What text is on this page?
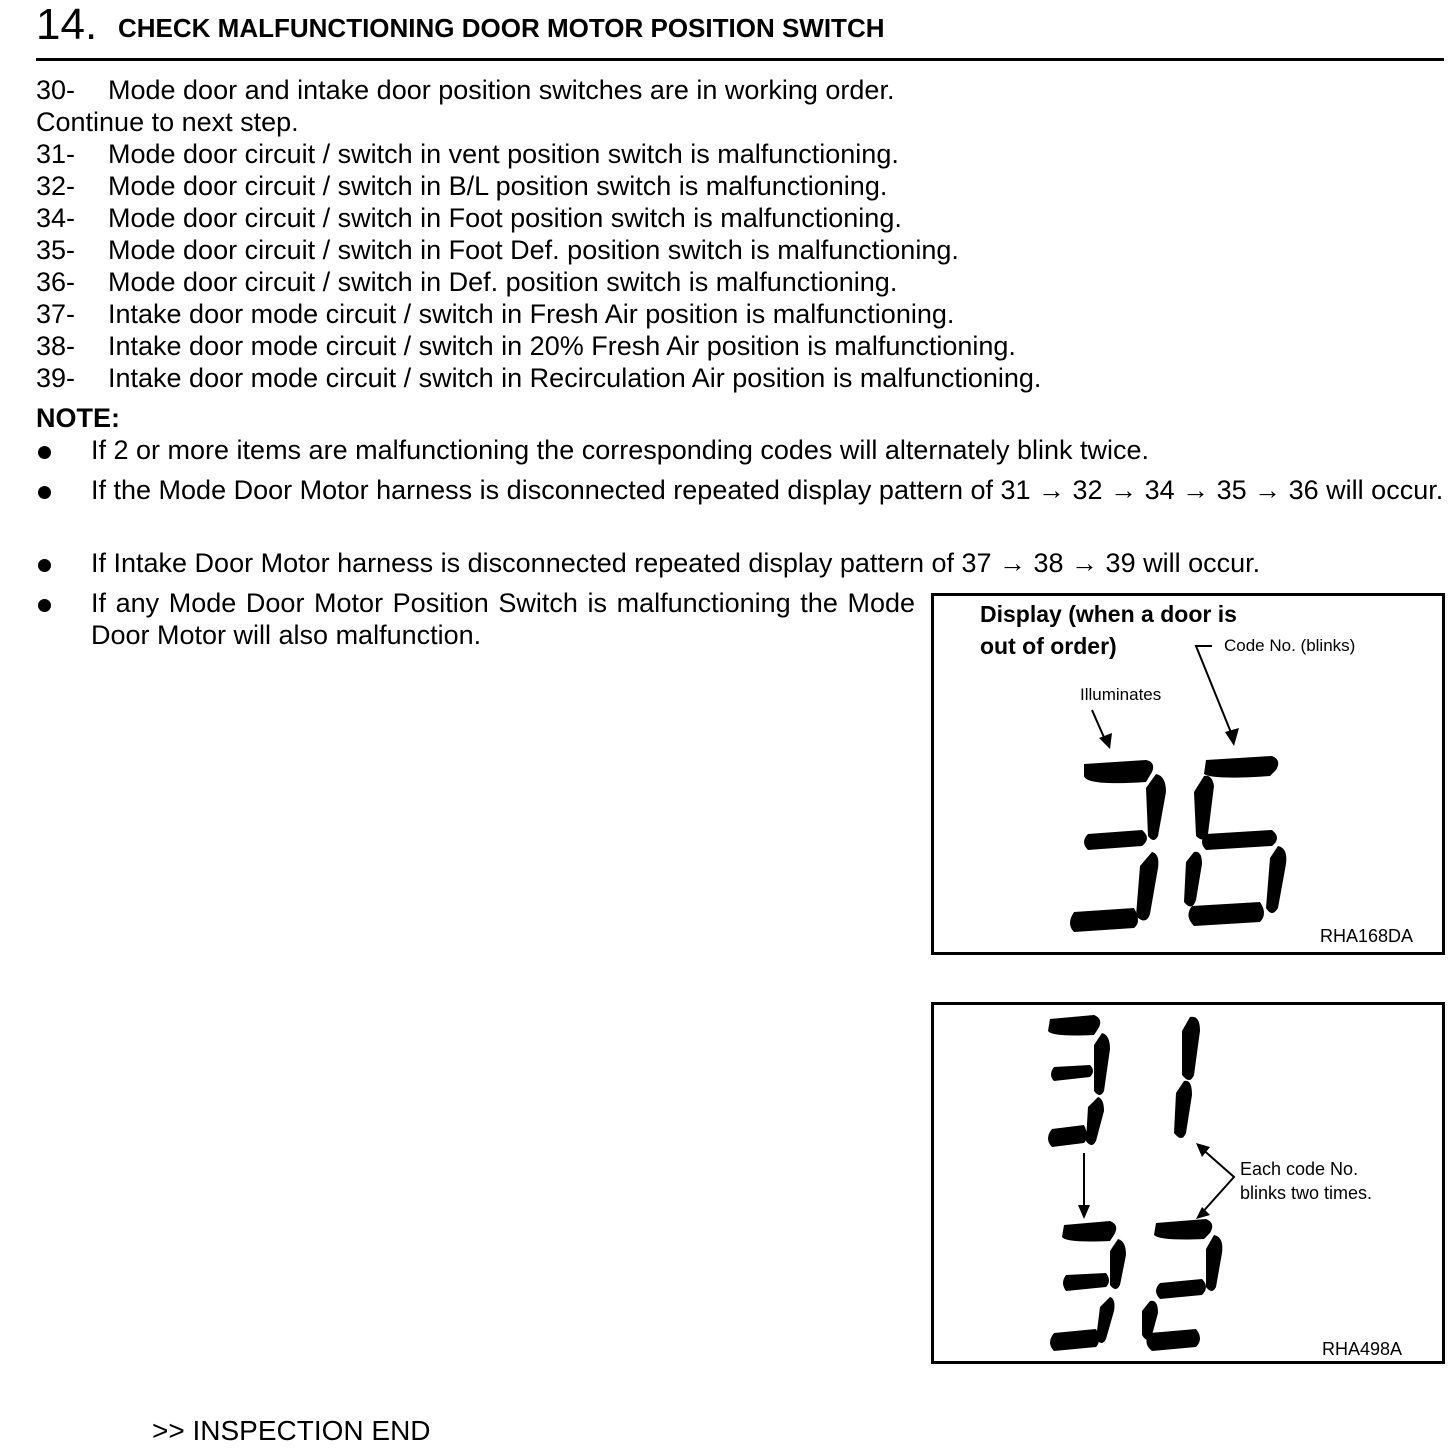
14. CHECK MALFUNCTIONING DOOR MOTOR POSITION SWITCH
30- Mode door and intake door position switches are in working order.
Continue to next step.
31- Mode door circuit / switch in vent position switch is malfunctioning.
32- Mode door circuit / switch in B/L position switch is malfunctioning.
34- Mode door circuit / switch in Foot position switch is malfunctioning.
35- Mode door circuit / switch in Foot Def. position switch is malfunctioning.
36- Mode door circuit / switch in Def. position switch is malfunctioning.
37- Intake door mode circuit / switch in Fresh Air position is malfunctioning.
38- Intake door mode circuit / switch in 20% Fresh Air position is malfunctioning.
39- Intake door mode circuit / switch in Recirculation Air position is malfunctioning.
NOTE:
If 2 or more items are malfunctioning the corresponding codes will alternately blink twice.
If the Mode Door Motor harness is disconnected repeated display pattern of 31 → 32 → 34 → 35 → 36 will occur.
If Intake Door Motor harness is disconnected repeated display pattern of 37 → 38 → 39 will occur.
If any Mode Door Motor Position Switch is malfunctioning the Mode Door Motor will also malfunction.
Display (when a door is
out of order)	Code No. (blinks)
Illuminates
RHA168DA
Each code No.
blinks two times.
RHA498A
>> INSPECTION END
